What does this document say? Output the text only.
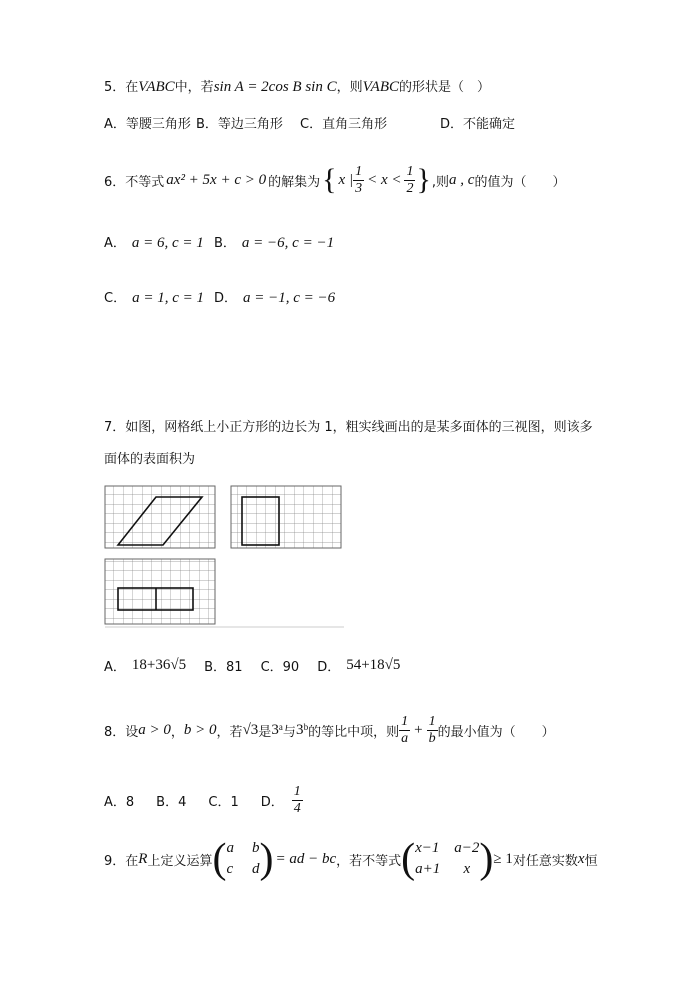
5．在VABC中，若sin A = 2cos B sin C，则VABC的形状是（　）
A．等腰三角形 B．等边三角形 C．直角三角形	D．不能确定
6．不等式 ax² + 5x + c > 0 的解集为 { x | $\frac{1}{3} < x < \frac{1}{2}$ } ,则 a , c 的值为（　　）
A． a = 6, c = 1 B． a = −6, c = −1
C． a = 1, c = 1 D． a = −1, c = −6
7．如图，网格纸上小正方形的边长为 1，粗实线画出的是某多面体的三视图，则该多
面体的表面积为
A． 18+36√5 B．81 C．90 D． 54+18√5
8．设 a > 0 ， b > 0 ，若 √3 是 3ᵃ 与 3ᵇ 的等比中项，则 $\frac{1}{a} + \frac{1}{b}$ 的最小值为（　　）
A．8 B．4 C．1 D． $\frac{1}{4}$
9．在 R 上定义运算 ( a b
c d ) = ad − bc ，若不等式 ( x−1 a−2
a+1	x ) ≥ 1 对任意实数 x 恒
